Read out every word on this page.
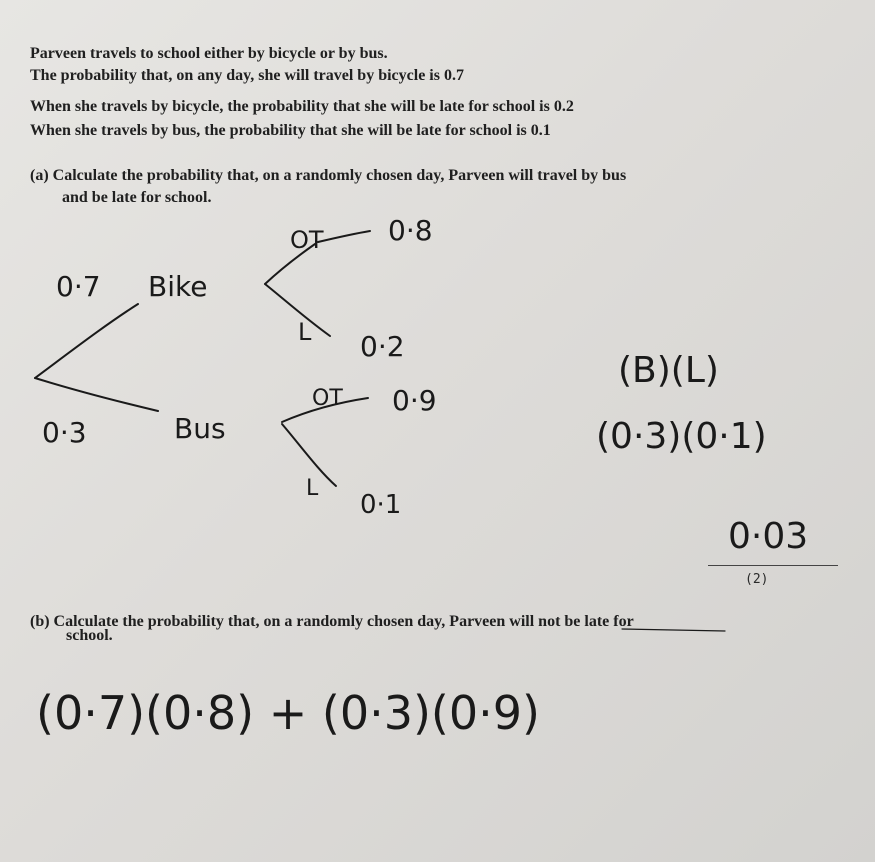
Parveen travels to school either by bicycle or by bus.

The probability that, on any day, she will travel by bicycle is 0.7

When she travels by bicycle, the probability that she will be late for school is 0.2

When she travels by bus, the probability that she will be late for school is 0.1

(a) Calculate the probability that, on a randomly chosen day, Parveen will travel by bus

and be late for school.

(2)

(b) Calculate the probability that, on a randomly chosen day, Parveen will not be late for

school.

0·7 Bike
0·3	Bus
OT 0·8
L 0·2
OT 0·9
L
0·1
(B)(L)
(0·3)(0·1)
0·03
(0·7)(0·8) + (0·3)(0·9)
